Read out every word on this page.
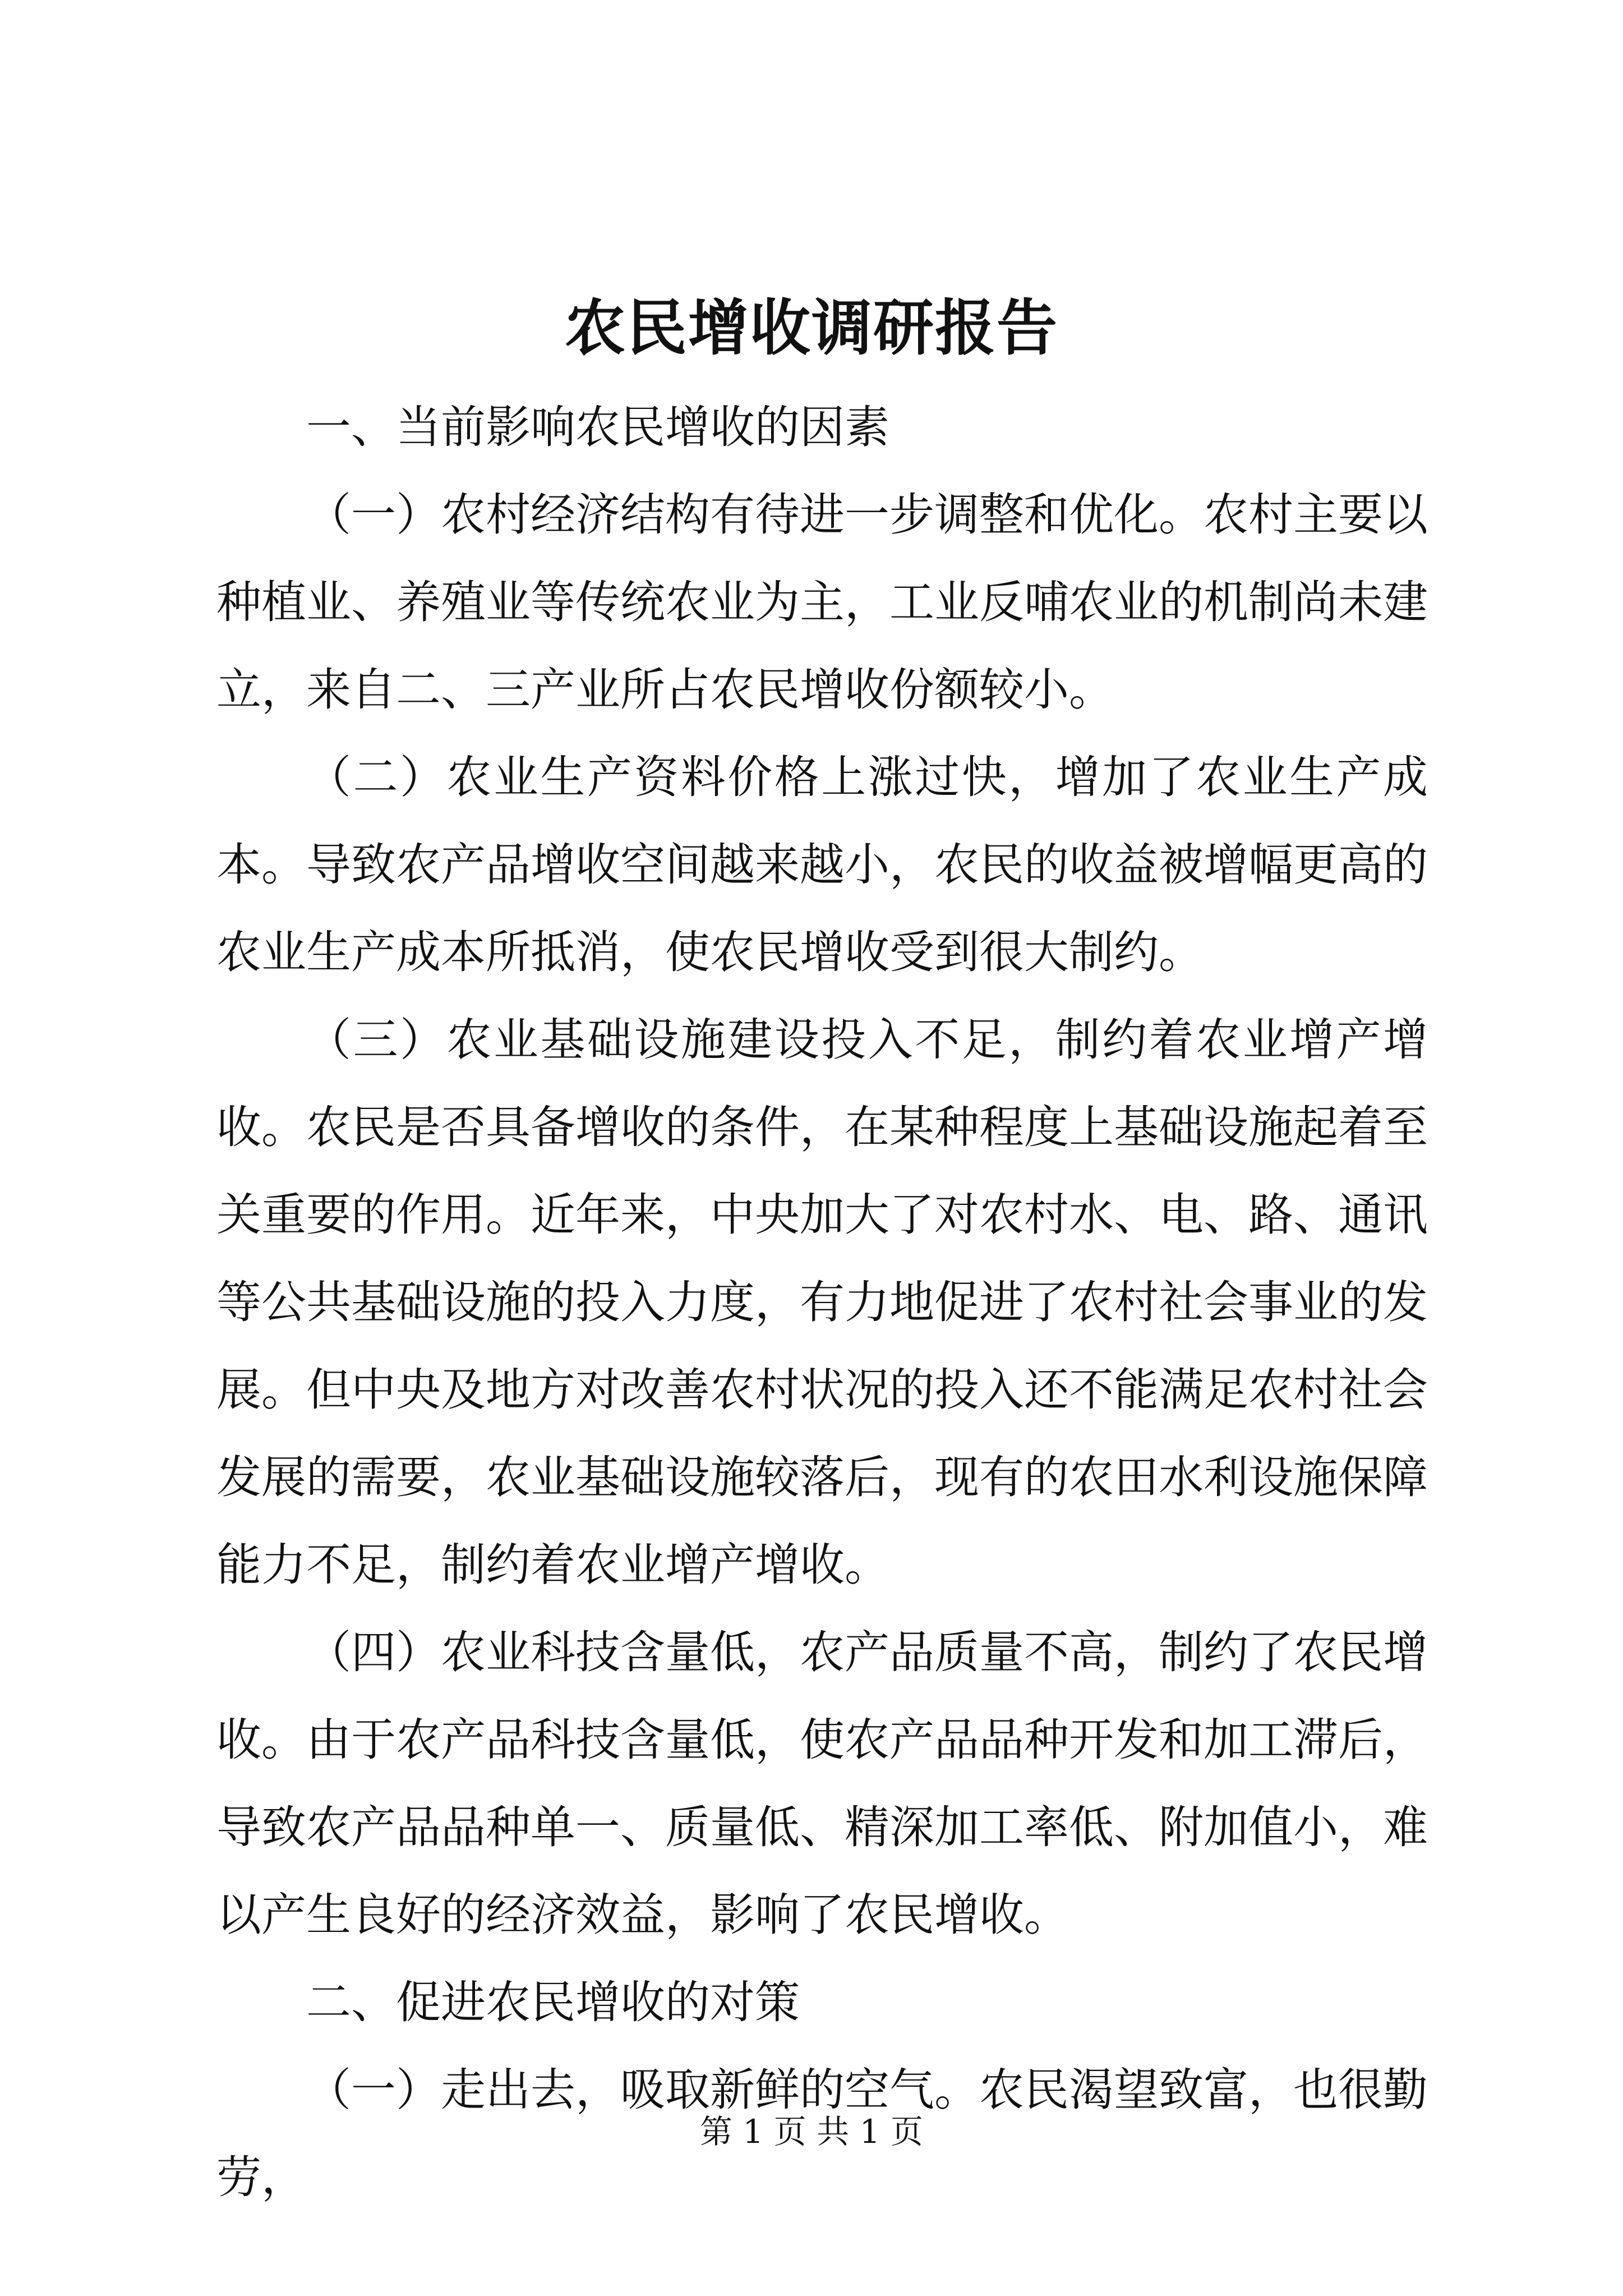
农民增收调研报告

一、当前影响农民增收的因素

（一）农村经济结构有待进一步调整和优化。农村主要以种植业、养殖业等传统农业为主，工业反哺农业的机制尚未建立，来自二、三产业所占农民增收份额较小。

（二）农业生产资料价格上涨过快，增加了农业生产成本。导致农产品增收空间越来越小，农民的收益被增幅更高的农业生产成本所抵消，使农民增收受到很大制约。

（三）农业基础设施建设投入不足，制约着农业增产增收。农民是否具备增收的条件，在某种程度上基础设施起着至关重要的作用。近年来，中央加大了对农村水、电、路、通讯等公共基础设施的投入力度，有力地促进了农村社会事业的发展。但中央及地方对改善农村状况的投入还不能满足农村社会发展的需要，农业基础设施较落后，现有的农田水利设施保障能力不足，制约着农业增产增收。

（四）农业科技含量低，农产品质量不高，制约了农民增收。由于农产品科技含量低，使农产品品种开发和加工滞后，导致农产品品种单一、质量低、精深加工率低、附加值小，难以产生良好的经济效益，影响了农民增收。

二、促进农民增收的对策

（一）走出去，吸取新鲜的空气。农民渴望致富，也很勤劳，

第 1 页 共 1 页
